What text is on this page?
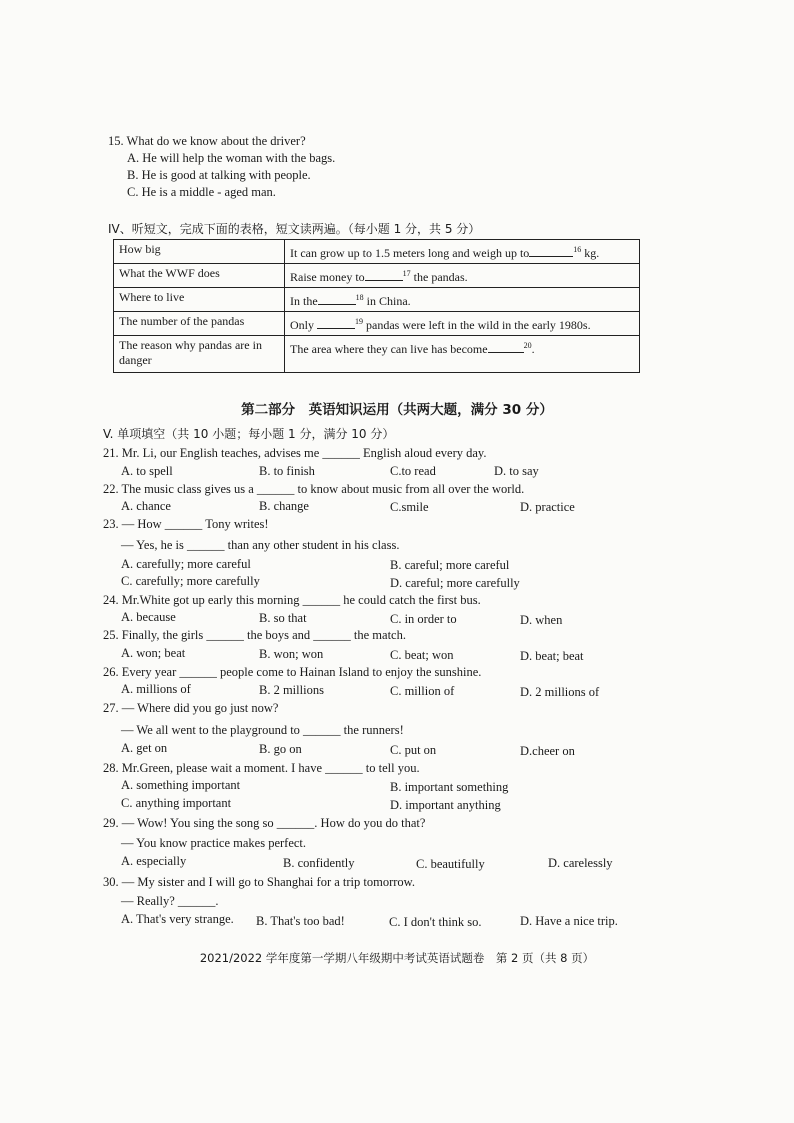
15. What do we know about the driver?
A. He will help the woman with the bags.
B. He is good at talking with people.
C. He is a middle - aged man.
IV、听短文，完成下面的表格，短文读两遍。（每小题 1 分，共 5 分）
How big	It can grow up to 1.5 meters long and weigh up to $^{16}$ kg.
What the WWF does	Raise money to $^{17}$ the pandas.
Where to live	In the $^{18}$ in China.
The number of the pandas	Only $^{19}$ pandas were left in the wild in the early 1980s.
The reason why pandas are in danger	The area where they can live has become $^{20}$.
第二部分　英语知识运用（共两大题，满分 30 分）
V. 单项填空（共 10 小题；每小题 1 分，满分 10 分）
21. Mr. Li, our English teaches, advises me ______ English aloud every day.
A. to spell	B. to finish	C.to read	D. to say
22. The music class gives us a ______ to know about music from all over the world.
A. chance	B. change	C.smile	D. practice
23. — How ______ Tony writes!
— Yes, he is ______ than any other student in his class.
A. carefully; more careful	B. careful; more careful
C. carefully; more carefully	D. careful; more carefully
24. Mr.White got up early this morning ______ he could catch the first bus.
A. because	B. so that	C. in order to	D. when
25. Finally, the girls ______ the boys and ______ the match.
A. won; beat	B. won; won	C. beat; won	D. beat; beat
26. Every year ______ people come to Hainan Island to enjoy the sunshine.
A. millions of	B. 2 millions	C. million of	D. 2 millions of
27. — Where did you go just now?
— We all went to the playground to ______ the runners!
A. get on	B. go on	C. put on	D.cheer on
28. Mr.Green, please wait a moment. I have ______ to tell you.
A. something important	B. important something
C. anything important	D. important anything
29. — Wow! You sing the song so ______. How do you do that?
— You know practice makes perfect.
A. especially	B. confidently	C. beautifully	D. carelessly
30. — My sister and I will go to Shanghai for a trip tomorrow.
— Really? ______.
A. That's very strange. B. That's too bad!	C. I don't think so.	D. Have a nice trip.
2021/2022 学年度第一学期八年级期中考试英语试题卷　第 2 页（共 8 页）
